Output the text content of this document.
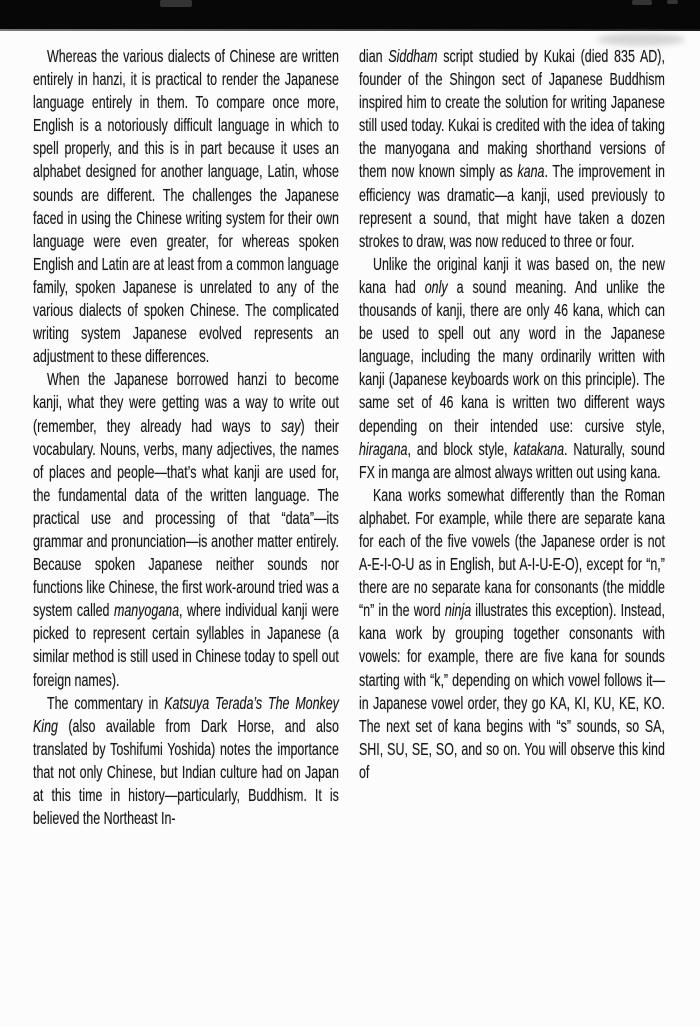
Whereas the various dialects of Chinese are written entirely in hanzi, it is practical to render the Japanese language entirely in them. To compare once more, English is a notoriously difficult language in which to spell properly, and this is in part because it uses an alphabet designed for another language, Latin, whose sounds are different. The challenges the Japanese faced in using the Chinese writing system for their own language were even greater, for whereas spoken English and Latin are at least from a common language family, spoken Japanese is unrelated to any of the various dialects of spoken Chinese. The complicated writing system Japanese evolved represents an adjustment to these differences.

When the Japanese borrowed hanzi to become kanji, what they were getting was a way to write out (remember, they already had ways to say) their vocabulary. Nouns, verbs, many adjectives, the names of places and people—that’s what kanji are used for, the fundamental data of the written language. The practical use and processing of that “data”—its grammar and pronunciation—is another matter entirely. Because spoken Japanese neither sounds nor functions like Chinese, the first work-around tried was a system called manyogana, where individual kanji were picked to represent certain syllables in Japanese (a similar method is still used in Chinese today to spell out foreign names).

The commentary in Katsuya Terada’s The Monkey King (also available from Dark Horse, and also translated by Toshifumi Yoshida) notes the importance that not only Chinese, but Indian culture had on Japan at this time in history—particularly, Buddhism. It is believed the Northeast In-

dian Siddham script studied by Kukai (died 835 AD), founder of the Shingon sect of Japanese Buddhism inspired him to create the solution for writing Japanese still used today. Kukai is credited with the idea of taking the manyogana and making shorthand versions of them now known simply as kana. The improvement in efficiency was dramatic—a kanji, used previously to represent a sound, that might have taken a dozen strokes to draw, was now reduced to three or four.

Unlike the original kanji it was based on, the new kana had only a sound meaning. And unlike the thousands of kanji, there are only 46 kana, which can be used to spell out any word in the Japanese language, including the many ordinarily written with kanji (Japanese keyboards work on this principle). The same set of 46 kana is written two different ways depending on their intended use: cursive style, hiragana, and block style, katakana. Naturally, sound FX in manga are almost always written out using kana.

Kana works somewhat differently than the Roman alphabet. For example, while there are separate kana for each of the five vowels (the Japanese order is not A-E-I-O-U as in English, but A-I-U-E-O), except for “n,” there are no separate kana for consonants (the middle “n” in the word ninja illustrates this exception). Instead, kana work by grouping together consonants with vowels: for example, there are five kana for sounds starting with “k,” depending on which vowel follows it—in Japanese vowel order, they go KA, KI, KU, KE, KO. The next set of kana begins with “s” sounds, so SA, SHI, SU, SE, SO, and so on. You will observe this kind of
